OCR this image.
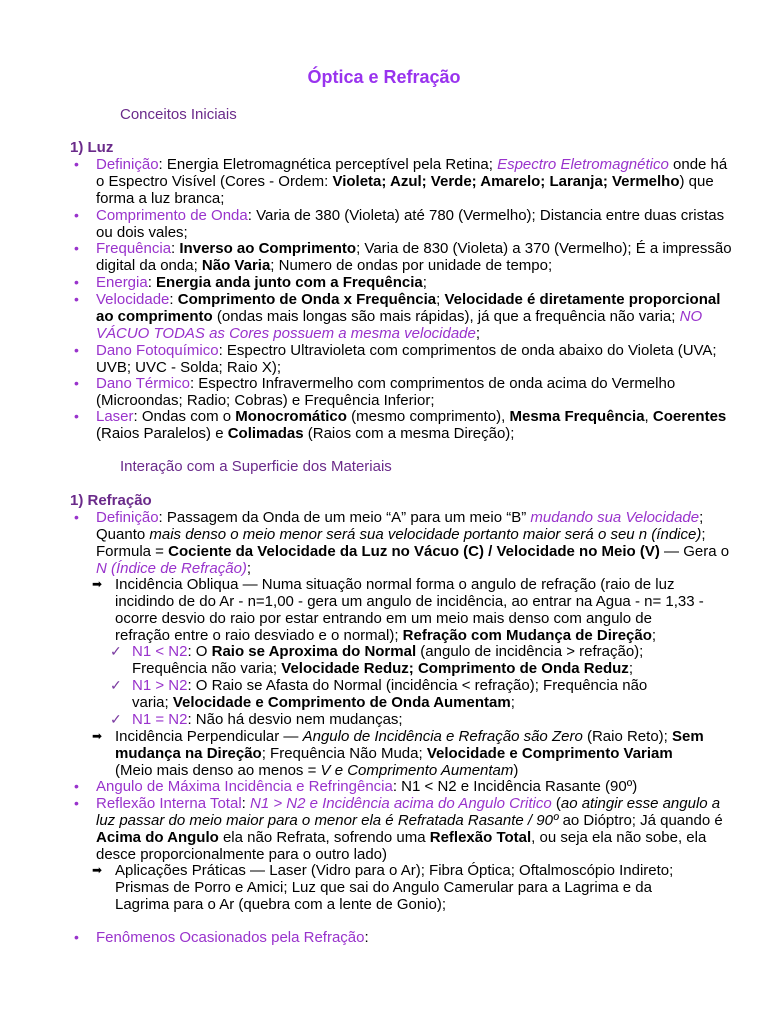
Óptica e Refração
Conceitos Iniciais
1) Luz
• Definição: Energia Eletromagnética perceptível pela Retina; Espectro Eletromagnético onde há o Espectro Visível (Cores - Ordem: Violeta; Azul; Verde; Amarelo; Laranja; Vermelho) que forma a luz branca;
• Comprimento de Onda: Varia de 380 (Violeta) até 780 (Vermelho); Distancia entre duas cristas ou dois vales;
• Frequência: Inverso ao Comprimento; Varia de 830 (Violeta) a 370 (Vermelho); É a impressão digital da onda; Não Varia; Numero de ondas por unidade de tempo;
• Energia: Energia anda junto com a Frequência;
• Velocidade: Comprimento de Onda x Frequência; Velocidade é diretamente proporcional ao comprimento (ondas mais longas são mais rápidas), já que a frequência não varia; NO VÁCUO TODAS as Cores possuem a mesma velocidade;
• Dano Fotoquímico: Espectro Ultravioleta com comprimentos de onda abaixo do Violeta (UVA; UVB; UVC - Solda; Raio X);
• Dano Térmico: Espectro Infravermelho com comprimentos de onda acima do Vermelho (Microondas; Radio; Cobras) e Frequência Inferior;
• Laser: Ondas com o Monocromático (mesmo comprimento), Mesma Frequência, Coerentes (Raios Paralelos) e Colimadas (Raios com a mesma Direção);
Interação com a Superficie dos Materiais
1) Refração
• Definição: Passagem da Onda de um meio “A” para um meio “B” mudando sua Velocidade; Quanto mais denso o meio menor será sua velocidade portanto maior será o seu n (índice); Formula = Cociente da Velocidade da Luz no Vácuo (C) / Velocidade no Meio (V) — Gera o N (Índice de Refração);
➡ Incidência Obliqua — Numa situação normal forma o angulo de refração (raio de luz incidindo de do Ar - n=1,00 - gera um angulo de incidência, ao entrar na Agua - n= 1,33 - ocorre desvio do raio por estar entrando em um meio mais denso com angulo de refração entre o raio desviado e o normal); Refração com Mudança de Direção;
✓ N1 < N2: O Raio se Aproxima do Normal (angulo de incidência > refração); Frequência não varia; Velocidade Reduz; Comprimento de Onda Reduz;
✓ N1 > N2: O Raio se Afasta do Normal (incidência < refração); Frequência não varia; Velocidade e Comprimento de Onda Aumentam;
✓ N1 = N2: Não há desvio nem mudanças;
➡ Incidência Perpendicular — Angulo de Incidência e Refração são Zero (Raio Reto); Sem mudança na Direção; Frequência Não Muda; Velocidade e Comprimento Variam (Meio mais denso ao menos = V e Comprimento Aumentam)
• Angulo de Máxima Incidência e Refringência: N1 < N2 e Incidência Rasante (90º)
• Reflexão Interna Total: N1 > N2 e Incidência acima do Angulo Critico (ao atingir esse angulo a luz passar do meio maior para o menor ela é Refratada Rasante / 90º ao Dióptro; Já quando é Acima do Angulo ela não Refrata, sofrendo uma Reflexão Total, ou seja ela não sobe, ela desce proporcionalmente para o outro lado)
➡ Aplicações Práticas — Laser (Vidro para o Ar); Fibra Óptica; Oftalmoscópio Indireto; Prismas de Porro e Amici; Luz que sai do Angulo Camerular para a Lagrima e da Lagrima para o Ar (quebra com a lente de Gonio);
• Fenômenos Ocasionados pela Refração:
